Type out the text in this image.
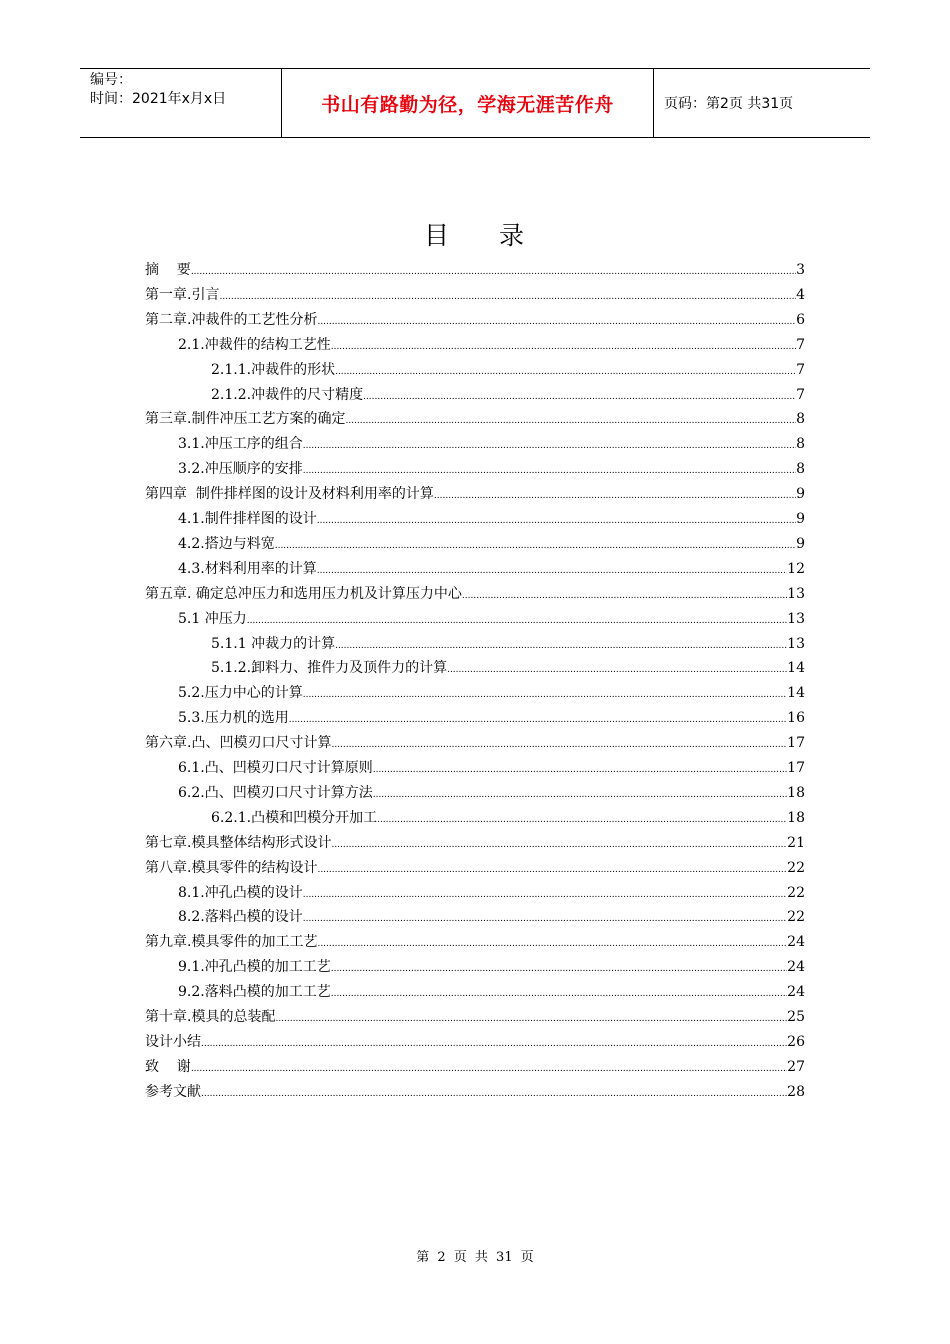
编号：
时间：2021年x月x日	书山有路勤为径，学海无涯苦作舟	页码：第2页 共31页
目 录
摘    要 .....	3
第一章.引言 .....	4
第二章.冲裁件的工艺性分析 .....	6
2.1.冲裁件的结构工艺性 .....	7
2.1.1.冲裁件的形状 .....	7
2.1.2.冲裁件的尺寸精度 .....	7
第三章.制件冲压工艺方案的确定 .....	8
3.1.冲压工序的组合 .....	8
3.2.冲压顺序的安排 .....	8
第四章  制件排样图的设计及材料利用率的计算 .....	9
4.1.制件排样图的设计 .....	9
4.2.搭边与料宽 .....	9
4.3.材料利用率的计算 .....	12
第五章. 确定总冲压力和选用压力机及计算压力中心 .....	13
5.1 冲压力 .....	13
5.1.1 冲裁力的计算 .....	13
5.1.2.卸料力、推件力及顶件力的计算 .....	14
5.2.压力中心的计算 .....	14
5.3.压力机的选用 .....	16
第六章.凸、凹模刃口尺寸计算 .....	17
6.1.凸、凹模刃口尺寸计算原则 .....	17
6.2.凸、凹模刃口尺寸计算方法 .....	18
6.2.1.凸模和凹模分开加工 .....	18
第七章.模具整体结构形式设计 .....	21
第八章.模具零件的结构设计 .....	22
8.1.冲孔凸模的设计 .....	22
8.2.落料凸模的设计 .....	22
第九章.模具零件的加工工艺 .....	24
9.1.冲孔凸模的加工工艺 .....	24
9.2.落料凸模的加工工艺 .....	24
第十章.模具的总装配 .....	25
设计小结 .....	26
致    谢 .....	27
参考文献 .....	28
第 2 页 共 31 页
